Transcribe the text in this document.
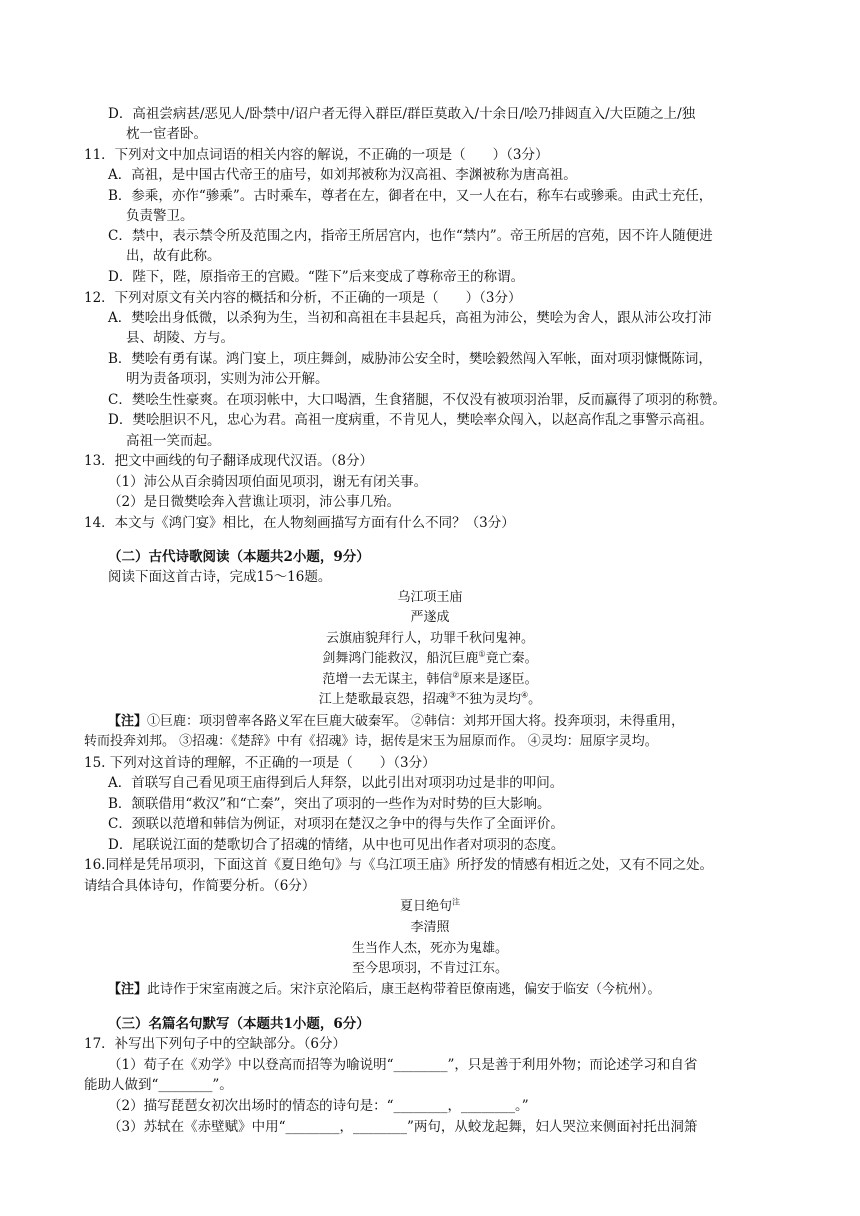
D．高祖尝病甚/恶见人/卧禁中/诏户者无得入群臣/群臣莫敢入/十余日/哙乃排闼直入/大臣随之上/独
枕一宦者卧。
11．下列对文中加点词语的相关内容的解说，不正确的一项是（　　）（3分）
A．高祖，是中国古代帝王的庙号，如刘邦被称为汉高祖、李渊被称为唐高祖。
B．参乘，亦作“骖乘”。古时乘车，尊者在左，御者在中，又一人在右，称车右或骖乘。由武士充任，
负责警卫。
C．禁中，表示禁令所及范围之内，指帝王所居宫内，也作“禁内”。帝王所居的宫苑，因不许人随便进
出，故有此称。
D．陛下，陛，原指帝王的宫殿。“陛下”后来变成了尊称帝王的称谓。
12．下列对原文有关内容的概括和分析，不正确的一项是（　　）（3分）
A．樊哙出身低微，以杀狗为生，当初和高祖在丰县起兵，高祖为沛公，樊哙为舍人，跟从沛公攻打沛
县、胡陵、方与。
B．樊哙有勇有谋。鸿门宴上，项庄舞剑，威胁沛公安全时，樊哙毅然闯入军帐，面对项羽慷慨陈词，
明为责备项羽，实则为沛公开解。
C．樊哙生性豪爽。在项羽帐中，大口喝酒，生食猪腿，不仅没有被项羽治罪，反而赢得了项羽的称赞。
D．樊哙胆识不凡，忠心为君。高祖一度病重，不肯见人，樊哙率众闯入，以赵高作乱之事警示高祖。
高祖一笑而起。
13．把文中画线的句子翻译成现代汉语。（8分）
（1）沛公从百余骑因项伯面见项羽，谢无有闭关事。
（2）是日微樊哙奔入营谯让项羽，沛公事几殆。
14．本文与《鸿门宴》相比，在人物刻画描写方面有什么不同？（3分）
（二）古代诗歌阅读（本题共2小题，9分）
阅读下面这首古诗，完成15～16题。
乌江项王庙
严遂成
云旗庙貌拜行人，功罪千秋问鬼神。
剑舞鸿门能救汉，船沉巨鹿①竟亡秦。
范增一去无谋主，韩信②原来是逐臣。
江上楚歌最哀怨，招魂③不独为灵均④。
【注】①巨鹿：项羽曾率各路义军在巨鹿大破秦军。 ②韩信：刘邦开国大将。投奔项羽，未得重用，
转而投奔刘邦。 ③招魂：《楚辞》中有《招魂》诗，据传是宋玉为屈原而作。 ④灵均：屈原字灵均。
15. 下列对这首诗的理解，不正确的一项是（　　）（3分）
A．首联写自己看见项王庙得到后人拜祭，以此引出对项羽功过是非的叩问。
B．颔联借用“救汉”和“亡秦”，突出了项羽的一些作为对时势的巨大影响。
C．颈联以范增和韩信为例证，对项羽在楚汉之争中的得与失作了全面评价。
D．尾联说江面的楚歌切合了招魂的情绪，从中也可见出作者对项羽的态度。
16.同样是凭吊项羽，下面这首《夏日绝句》与《乌江项王庙》所抒发的情感有相近之处，又有不同之处。
请结合具体诗句，作简要分析。（6分）
夏日绝句$^注$
李清照
生当作人杰，死亦为鬼雄。
至今思项羽，不肯过江东。
【注】此诗作于宋室南渡之后。宋汴京沦陷后，康王赵构带着臣僚南逃，偏安于临安（今杭州）。
（三）名篇名句默写（本题共1小题，6分）
17．补写出下列句子中的空缺部分。（6分）
（1）荀子在《劝学》中以登高而招等为喻说明“________”，只是善于利用外物；而论述学习和自省
能助人做到“________”。
（2）描写琵琶女初次出场时的情态的诗句是：“________，________。”
（3）苏轼在《赤壁赋》中用“________，________”两句，从蛟龙起舞，妇人哭泣来侧面衬托出洞箫
